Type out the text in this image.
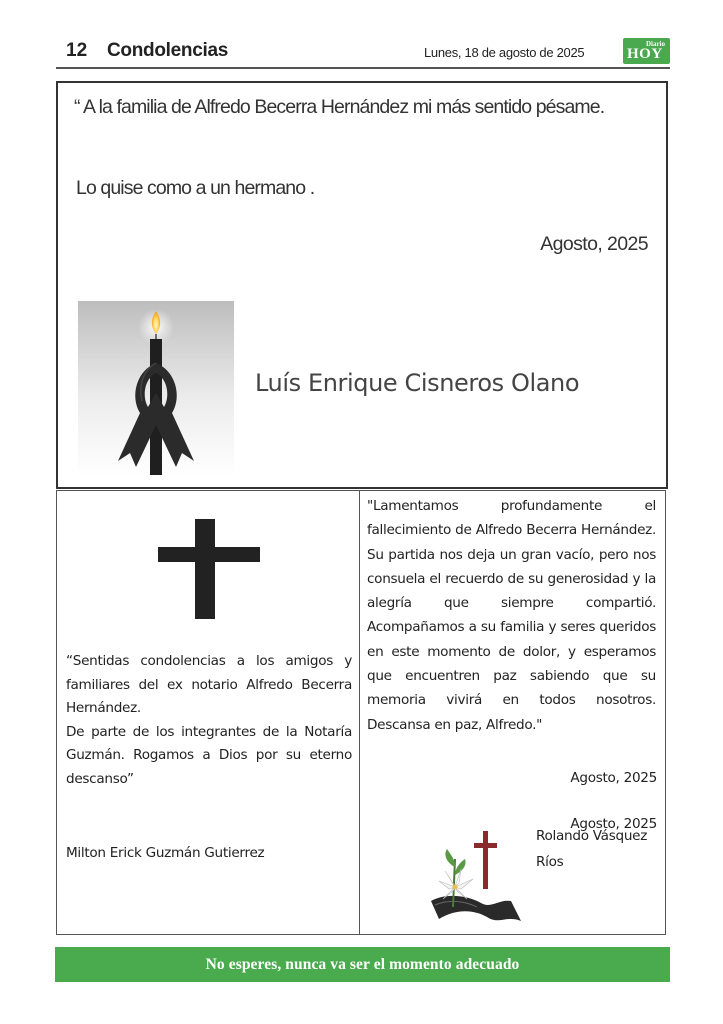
12 Condolencias	Lunes, 18 de agosto de 2025
Diario
HOY
“ A la familia de Alfredo Becerra Hernández mi más sentido pésame.
Lo quise como a un hermano .
Agosto, 2025
Luís Enrique Cisneros Olano

“Sentidas condolencias a los amigos y familiares del ex notario Alfredo Becerra Hernández.

De parte de los integrantes de la Notaría Guzmán. Rogamos a Dios por su eterno descanso”

Agosto, 2025
Milton Erick Guzmán Gutierrez
"Lamentamos profundamente el fallecimiento de Alfredo Becerra Hernández. Su partida nos deja un gran vacío, pero nos consuela el recuerdo de su generosidad y la alegría que siempre compartió. Acompañamos a su familia y seres queridos en este momento de dolor, y esperamos que encuentren paz sabiendo que su memoria vivirá en todos nosotros. Descansa en paz, Alfredo."
Agosto, 2025
Rolando Vásquez Ríos
No esperes, nunca va ser el momento adecuado
